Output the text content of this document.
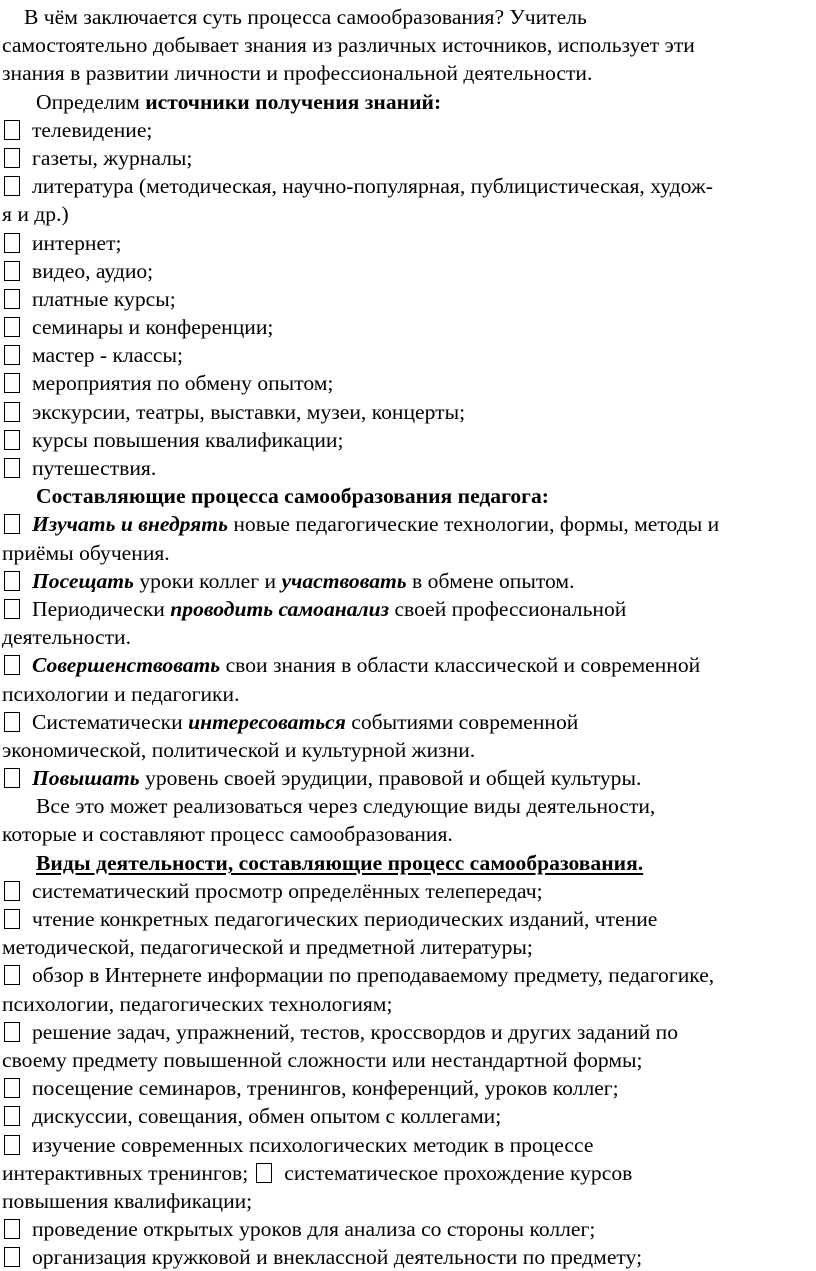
В чём заключается суть процесса самообразования? Учитель
самостоятельно добывает знания из различных источников, использует эти
знания в развитии личности и профессиональной деятельности.
Определим источники получения знаний:
телевидение;
газеты, журналы;
литература (методическая, научно-популярная, публицистическая, худож-
я и др.)
интернет;
видео, аудио;
платные курсы;
семинары и конференции;
мастер - классы;
мероприятия по обмену опытом;
экскурсии, театры, выставки, музеи, концерты;
курсы повышения квалификации;
путешествия.
Составляющие процесса самообразования педагога:
Изучать и внедрять новые педагогические технологии, формы, методы и
приёмы обучения.
Посещать уроки коллег и участвовать в обмене опытом.
Периодически проводить самоанализ своей профессиональной
деятельности.
Совершенствовать свои знания в области классической и современной
психологии и педагогики.
Систематически интересоваться событиями современной
экономической, политической и культурной жизни.
Повышать уровень своей эрудиции, правовой и общей культуры.
Все это может реализоваться через следующие виды деятельности,
которые и составляют процесс самообразования.
Виды деятельности, составляющие процесс самообразования.
систематический просмотр определённых телепередач;
чтение конкретных педагогических периодических изданий, чтение
методической, педагогической и предметной литературы;
обзор в Интернете информации по преподаваемому предмету, педагогике,
психологии, педагогических технологиям;
решение задач, упражнений, тестов, кроссвордов и других заданий по
своему предмету повышенной сложности или нестандартной формы;
посещение семинаров, тренингов, конференций, уроков коллег;
дискуссии, совещания, обмен опытом с коллегами;
изучение современных психологических методик в процессе
интерактивных тренингов; систематическое прохождение курсов
повышения квалификации;
проведение открытых уроков для анализа со стороны коллег;
организация кружковой и внеклассной деятельности по предмету;
